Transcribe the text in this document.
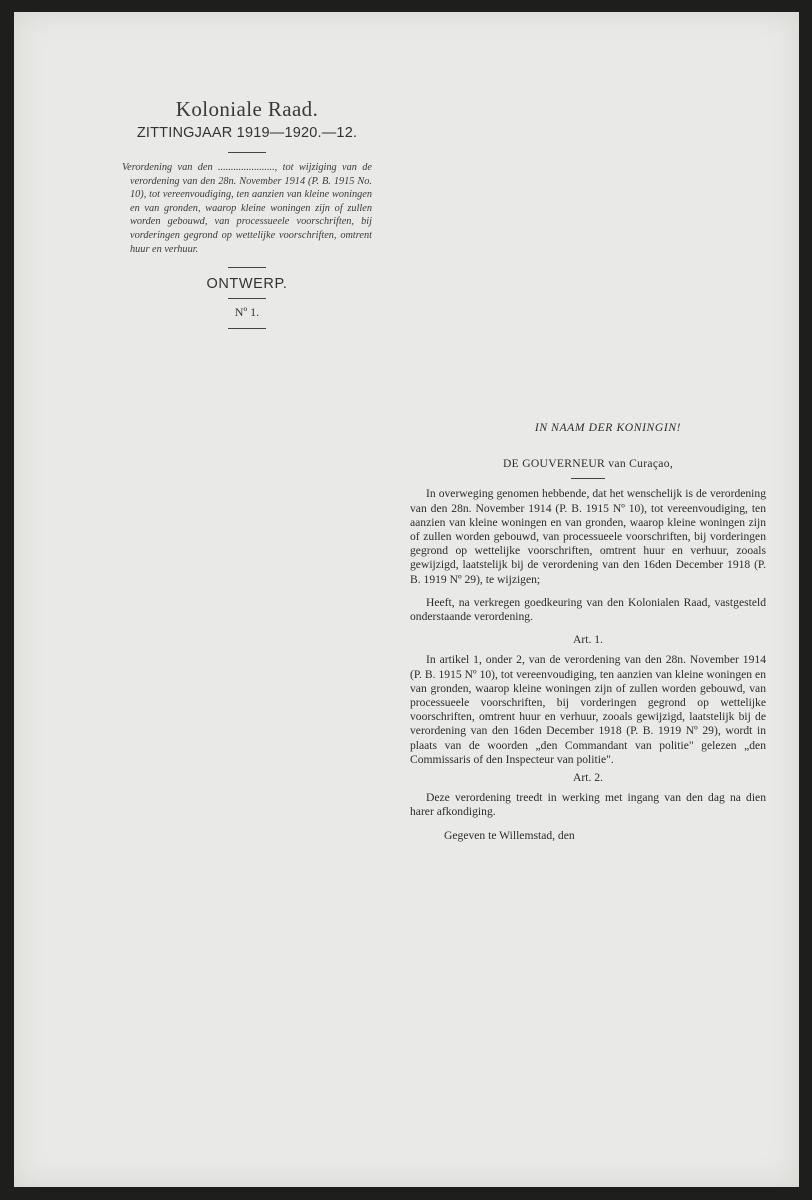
Koloniale Raad.
ZITTINGJAAR 1919—1920.—12.

Verordening van den ......................, tot wijziging van de verordening van den 28n. November 1914 (P. B. 1915 No. 10), tot vereenvoudiging, ten aanzien van kleine woningen en van gronden, waarop kleine woningen zijn of zullen worden gebouwd, van processueele voorschriften, bij vorderingen gegrond op wettelijke voorschriften, omtrent huur en verhuur.

ONTWERP.
Nº 1.

IN NAAM DER KONINGIN!

DE GOUVERNEUR van Curaçao,

In overweging genomen hebbende, dat het wenschelijk is de verordening van den 28n. November 1914 (P. B. 1915 Nº 10), tot vereenvoudiging, ten aanzien van kleine woningen en van gronden, waarop kleine woningen zijn of zullen worden gebouwd, van processueele voorschriften, bij vorderingen gegrond op wettelijke voorschriften, omtrent huur en verhuur, zooals gewijzigd, laatstelijk bij de verordening van den 16den December 1918 (P. B. 1919 Nº 29), te wijzigen;

Heeft, na verkregen goedkeuring van den Kolonialen Raad, vastgesteld onderstaande verordening.

Art. 1.

In artikel 1, onder 2, van de verordening van den 28n. November 1914 (P. B. 1915 Nº 10), tot vereenvoudiging, ten aanzien van kleine woningen en van gronden, waarop kleine woningen zijn of zullen worden gebouwd, van processueele voorschriften, bij vorderingen gegrond op wettelijke voorschriften, omtrent huur en verhuur, zooals gewijzigd, laatstelijk bij de verordening van den 16den December 1918 (P. B. 1919 Nº 29), wordt in plaats van de woorden „den Commandant van politie" gelezen „den Commissaris of den Inspecteur van politie".

Art. 2.

Deze verordening treedt in werking met ingang van den dag na dien harer afkondiging.

Gegeven te Willemstad, den
